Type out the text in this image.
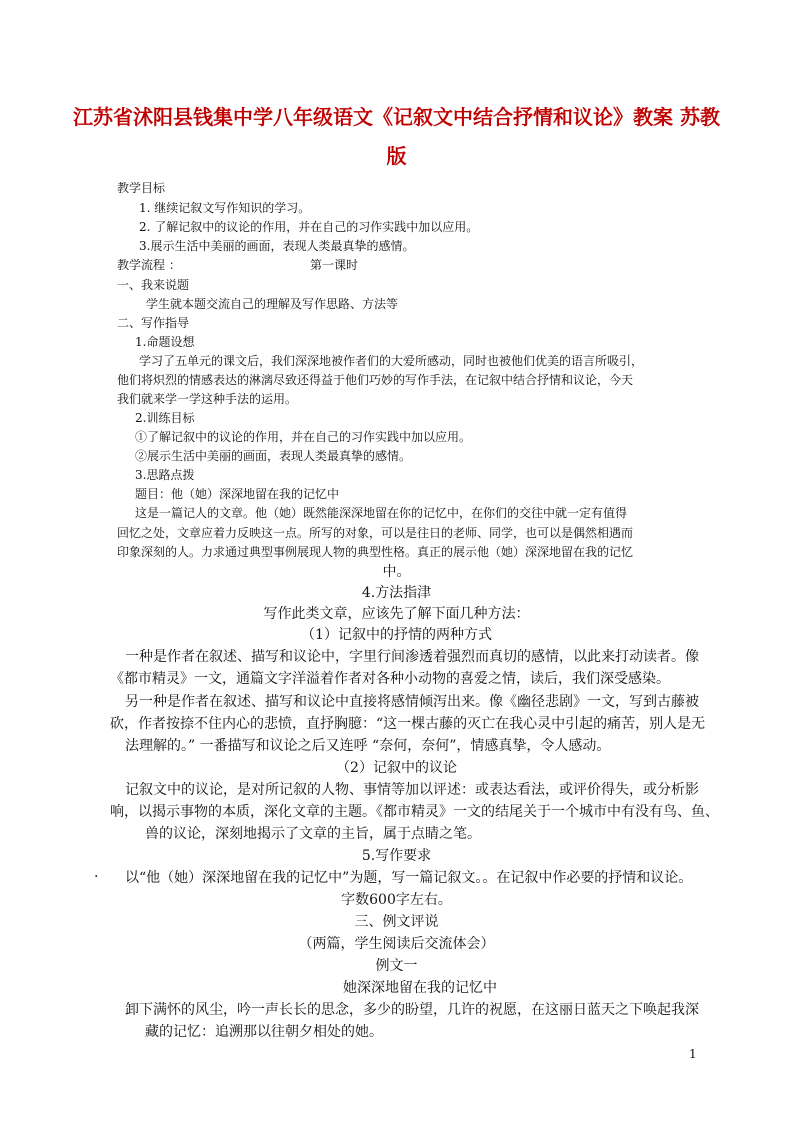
江苏省沭阳县钱集中学八年级语文《记叙文中结合抒情和议论》教案 苏教
版
教学目标
1. 继续记叙文写作知识的学习。
2. 了解记叙中的议论的作用，并在自己的习作实践中加以应用。
3.展示生活中美丽的画面，表现人类最真挚的感情。
教学流程 ：	第一课时
一、我来说题
学生就本题交流自己的理解及写作思路、方法等
二、写作指导
1.命题设想
学习了五单元的课文后，我们深深地被作者们的大爱所感动，同时也被他们优美的语言所吸引，
他们将炽烈的情感表达的淋漓尽致还得益于他们巧妙的写作手法，在记叙中结合抒情和议论，今天
我们就来学一学这种手法的运用。
2.训练目标
①了解记叙中的议论的作用，并在自己的习作实践中加以应用。
②展示生活中美丽的画面，表现人类最真挚的感情。
3.思路点拨
题目：他（她）深深地留在我的记忆中
这是一篇记人的文章。他（她）既然能深深地留在你的记忆中，在你们的交往中就一定有值得
回忆之处，文章应着力反映这一点。所写的对象，可以是往日的老师、同学，也可以是偶然相遇而
印象深刻的人。力求通过典型事例展现人物的典型性格。真正的展示他（她）深深地留在我的记忆
中。
4.方法指津
写作此类文章，应该先了解下面几种方法：
（1）记叙中的抒情的两种方式
一种是作者在叙述、描写和议论中，字里行间渗透着强烈而真切的感情，以此来打动读者。像
《都市精灵》一文，通篇文字洋溢着作者对各种小动物的喜爱之情，读后，我们深受感染。
另一种是作者在叙述、描写和议论中直接将感情倾泻出来。像《幽径悲剧》一文，写到古藤被
砍，作者按捺不住内心的悲愤，直抒胸臆：“这一棵古藤的灭亡在我心灵中引起的痛苦，别人是无
法理解的。” 一番描写和议论之后又连呼 “奈何，奈何”，情感真挚，令人感动。
（2）记叙中的议论
记叙文中的议论，是对所记叙的人物、事情等加以评述：或表达看法，或评价得失，或分析影
响，以揭示事物的本质，深化文章的主题。《都市精灵》一文的结尾关于一个城市中有没有鸟、鱼、
兽的议论，深刻地揭示了文章的主旨，属于点睛之笔。
5.写作要求
. 以“他（她）深深地留在我的记忆中”为题，写一篇记叙文。。在记叙中作必要的抒情和议论。
字数600字左右。
三、例文评说
（两篇，学生阅读后交流体会）
例文一
她深深地留在我的记忆中
卸下满怀的风尘，吟一声长长的思念，多少的盼望，几许的祝愿，在这丽日蓝天之下唤起我深
藏的记忆：追溯那以往朝夕相处的她。
1
